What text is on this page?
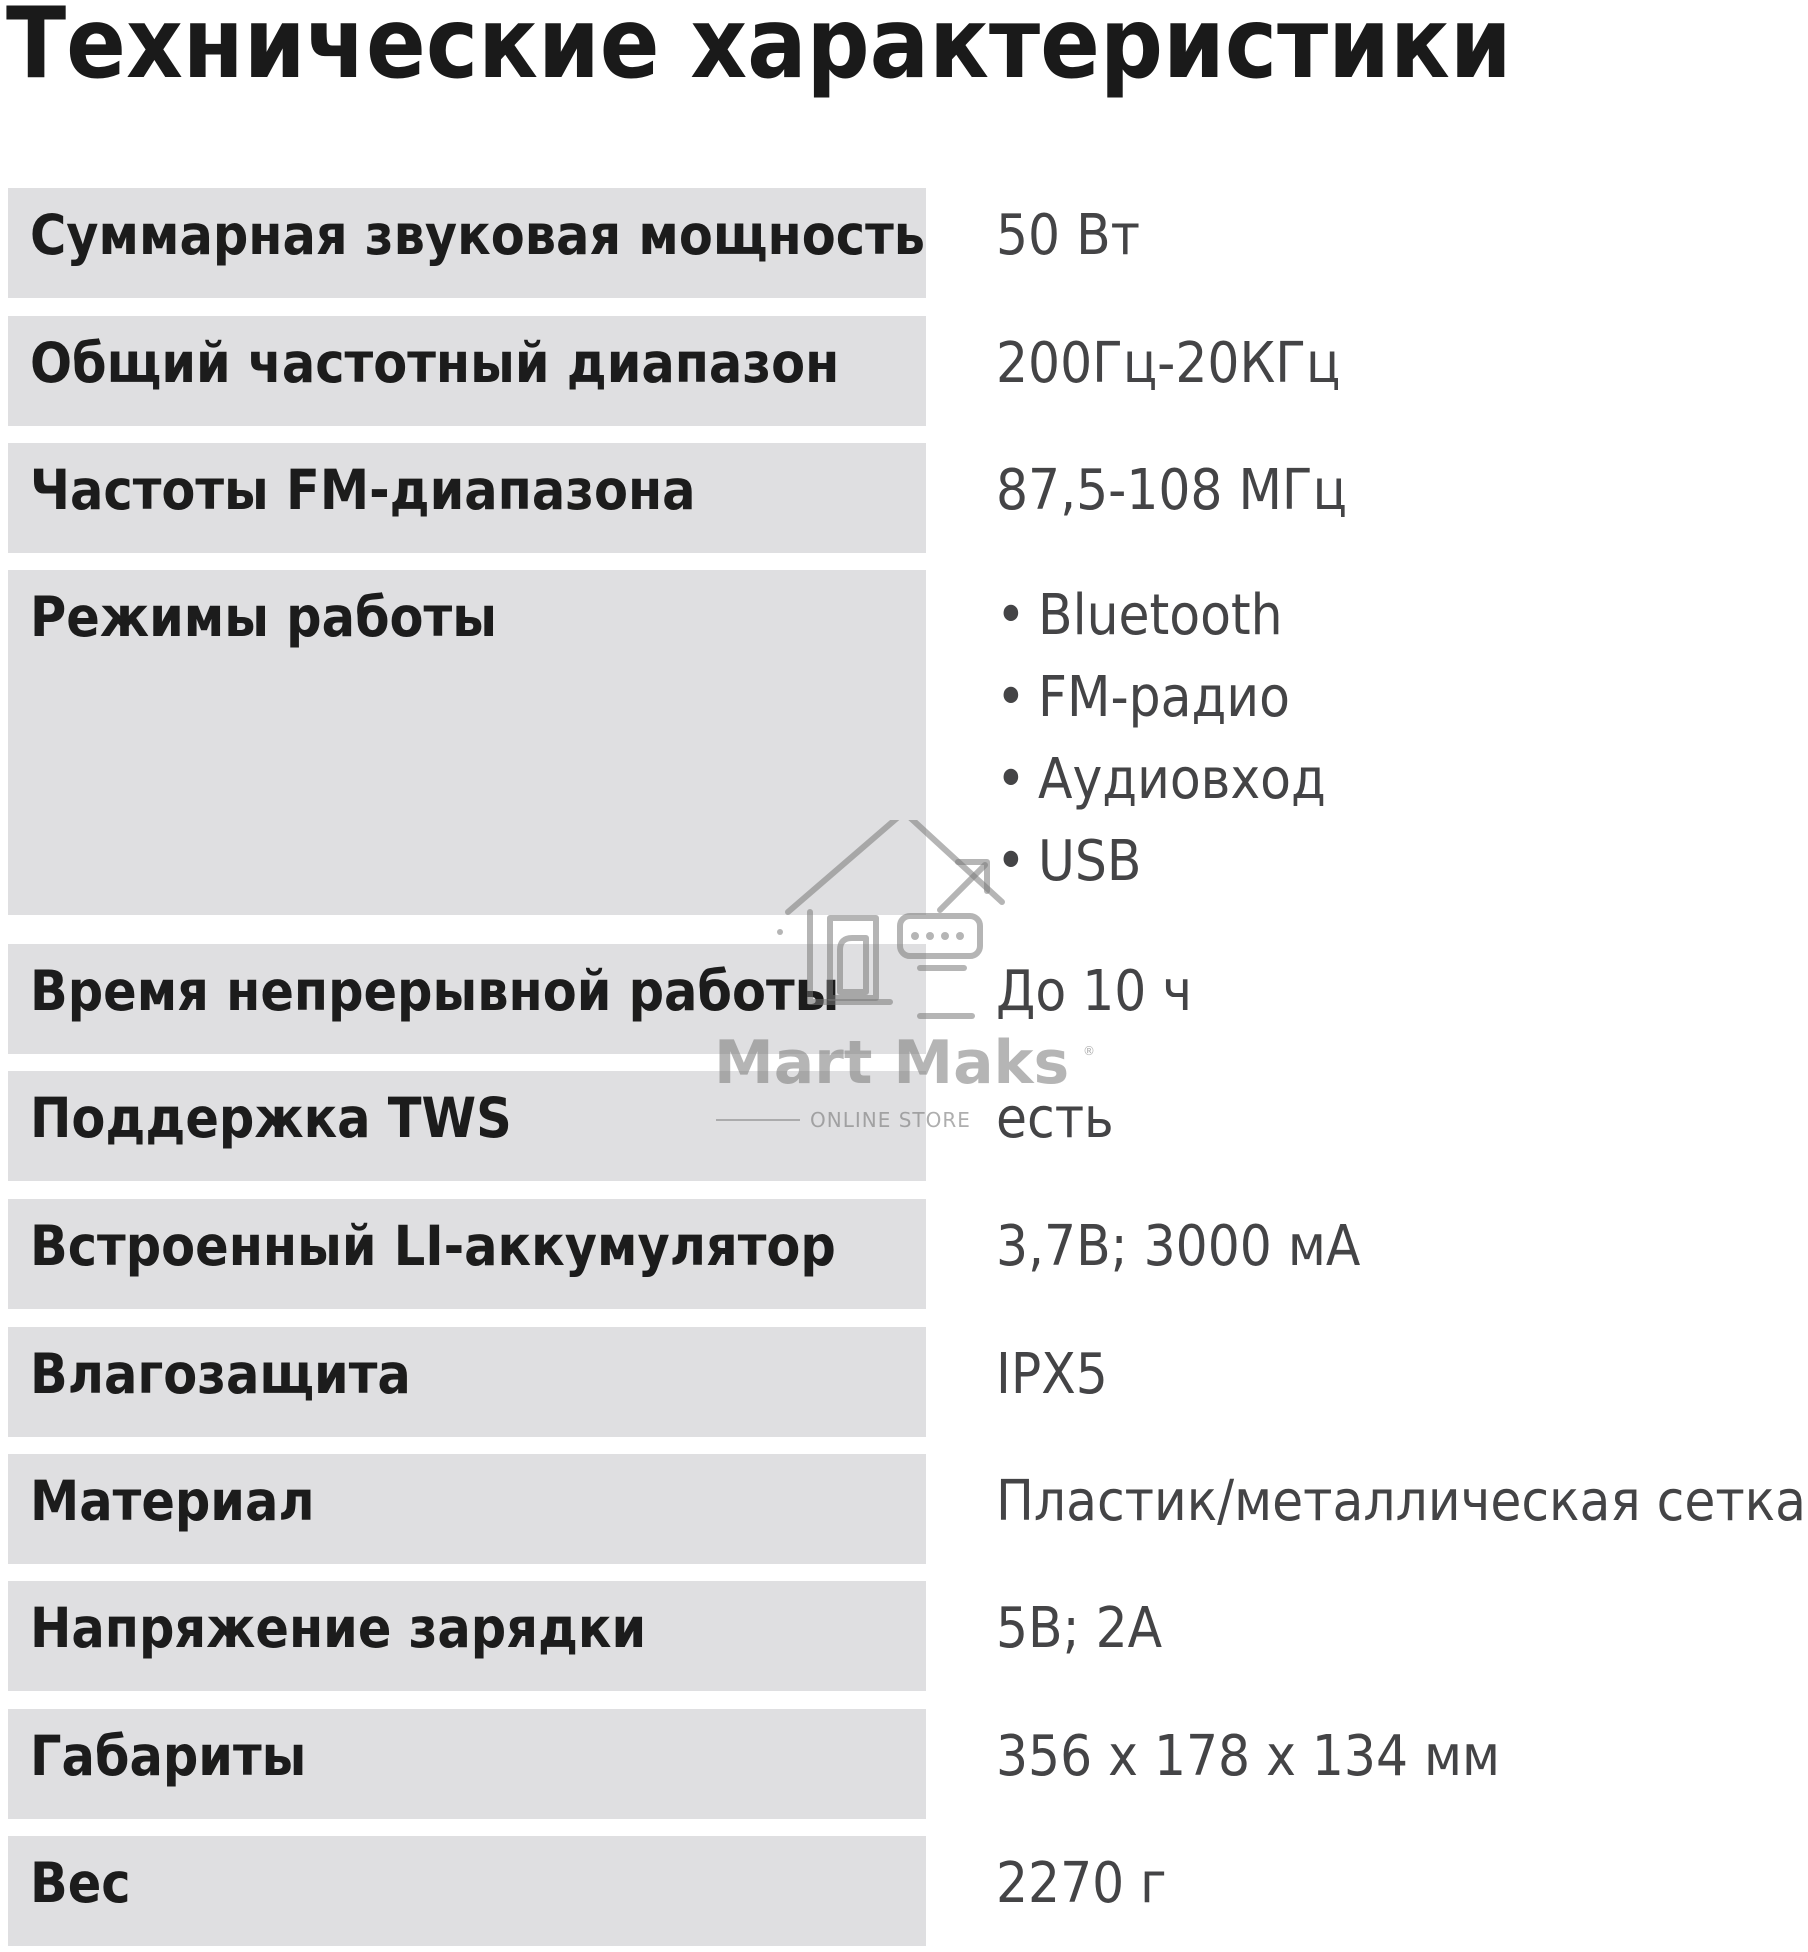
Технические характеристики
Суммарная звуковая мощность 50 Вт
Общий частотный диапазон	200Гц-20КГц
Частоты FM-диапазона	87,5-108 МГц
Режимы работы	• Bluetooth
• FM-радио
• Аудиовход
• USB
Время непрерывной работы	До 10 ч
Поддержка TWS	есть
Встроенный LI-аккумулятор	3,7В; 3000 мА
Влагозащита	IPX5
Материал	Пластик/металлическая сетка
Напряжение зарядки	5В; 2А
Габариты	356 x 178 x 134 мм
Вес	2270 г
Mart Maks ®
ONLINE STORE
